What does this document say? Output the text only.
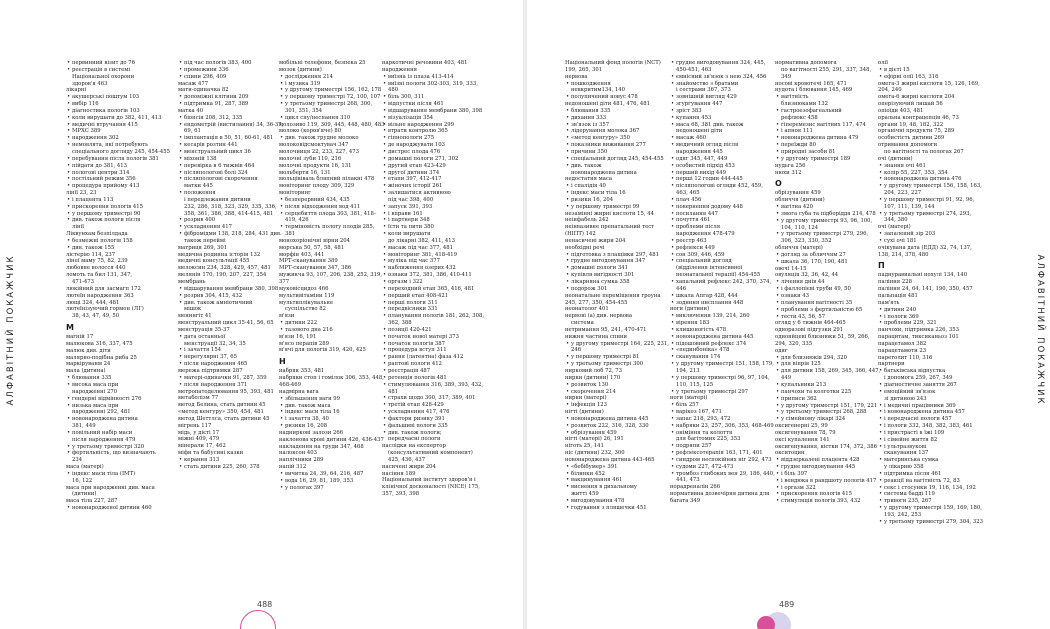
• первинний візит до 76
• реєстрація в системі
Національної охорони
здоров'я 463
лікарні
• акушерські поштум 103
• вибір 116
• діагностика пологів 103
• коли вирушати до 382, 411, 413
• медичні втручання 415
• МРХС 389
• народження 302
• немовлята, які потребують спеціального догляду 245, 454-455
• перебування після пологів 381
• пійдати до 381, 413
• пологові центри 314
• постільний режим 356
• процедура прийому 413
лінії 23, 23
• і плацента 113
• прискорення пологів 415
• у першому триместрі 90
• див. також пологи після
лінії
Ліквунхам безпілдада
• безмежні пологів 158
• див. також 155
лістерію 114, 237
лінеї маму 75, 82, 239
любовне волосся 440
ломоть та бил 131, 347,
471-473
люкійний для засмагп 172
лютеїн народження 363
лющі 324, 444, 481
лютеїнізуючий гормон (ЛГ)
38, 43, 47, 49, 50
М
магній 17
малюкова 316, 337, 475
малюк див. діти
малярно-подібна риба 25
маркіруванм 24
мала (дитина)
• блювання 335
• висока маса при
народженні 270
• гендерні відмінності 276
• низька маса при
народженні 292, 481
• новонароджена дитина
381, 449
• повільний набір маси
після народження 479
• у третьому триместрі 320
• фертильність, що визначають
234
маса (матері)
• індекс маси тіла (ІМТ)
16, 122
маса при народженні див. маса
(дитини)
маса тіла 227, 287
• новонародженої дитини 460
• під час пологів 383, 400
• промежини 336
• спини 296, 409
масаж 477
мати-одиначка 82
• допоміжні клітини 209
• підтримка 91, 287, 389
матка 40
• біопсія 208, 312, 335
• ендометрій (вистилання) 34, 36-37, 69, 61
• імплантація в 50, 51, 60-61, 481
• кесарів розтин 441
• менструальний цикл 36
• міхоній 138
• перевірка в 6 тижнів 464
• післяпологові болі 324
• післяпологові скорочення
матки 445
• положення
і передлежання дитини
232, 286, 318, 323, 329, 335, 336, 358, 361, 386, 388, 414-415, 481
• розрив 400
• ускладнення 417
• фібромідми 138, 218, 284, 431 див. також переймі
матриця 269, 301
медична родинна історія 132
медичні консультації 455
мелоксин 234, 328, 429, 457, 481
мелянін 170, 190, 207, 227, 354
мембрань
• відшарування мембрани 380, 398
• розрив 304, 415, 432
• див. також амніотичний
мішок
менингіт 41
менструальний цикл 35-41, 56, 65
менструація 35-37
• дата останньої
менструації 32, 34, 35
• і зачаття 154
• нерегулярні 37, 65
• після народження 465
мережа підтримки 287
• матері-одиначки 91, 287, 359
• після народження 371
метропатоделювання 95, 393, 481
метаболізм 77
метод Белина, стать дитини 45
«метод кенгуру» 350, 454, 481
метод Шеттлса, стать дитини 45
мігрень 117
мідь, у дієті 17
міжні 409, 479
мінерали 17, 462
міфи та бабусині казки
• керання 313
• стать дитини 225, 260, 378
мобільні телефони, безпека 25
мозок (дитини)
• дослідження 214
• і музика 319
• у другому триместрі 156, 162, 178
• у першому триместрі 72, 100, 107
• у третьому триместрі 268, 300, 301, 351, 354
• цикл сну/неспання 310
молозиво 119, 309, 445, 448, 480, 483
молоко (коров'яче) 80
• див. також грудне молоко
молоковідсмоктувач 347
молочниця 22, 233, 227, 473
молочні зуби 110, 216
молочні продукти 16, 131
мольберти 16, 131
мольцівіваль бляпний пілакні 478
моніторинг плоду 309, 329
моніторинг
• безперервний 434, 435
• після відходження вод 411
• серцебиття плода 303, 381, 418-419, 426
• терміновість пологу плодів 285, 381
монохоріонічні вірни 204
морська 50, 57, 58, 481
морфін 403, 441
МРТ-сканування 389
МРТ-сканування 347, 386
мужикча 93, 107, 206, 238, 252, 319, 377
муковісцидоз 466
мультивітаміни 119
мультиплікувальне
суспільство 82
м'язи
• дитини 222
• тазового дна 216
м'язи 16, 191
м'ясо перапів 289
м'ячі для пологів 319, 420, 425
Н
набряк 353, 481
набряки стоп і гомілок 306, 353, 448, 468-469
надмірна вага
• збільшення ваги 99
• див. також маса
• індекс маси тіла 16
• і зачаття 38, 40
• ризики 16, 208
надниркові залози 266
наклонова крові дитини 426, 436-437
накладення на груди 347, 468
налоксон 403
наплічники 289
напій 312
• вичитка 24, 39, 64, 216, 487
• вода 16, 29, 81, 189, 353
• у пологах 397
наркотичні речовини 403, 481
народження
• виїзна із плаза 413-414
• виїзні пологи 302-303, 319, 333, 480
• біль 300, 311
• відпустки після 461
• відшарування мембрани 380, 398
• візуалізація 354
• вільне народження 299
• втрати контролю 365
• гіпнопологи 275
• де народжувати 103
• дистрес плода 476
• домашні пологи 271, 302
• другий етап 423-429
• другої дитини 374
• етапи 397, 412-417
• жіночих історії 261
• залишатися активною
під час 398, 400
• запуск 391, 393
• і вправи 161
• і партнери 348
• їсти та пити 380
• коли вирушати
до лікарні 382, 411, 413
• масаж під час 377, 481
• моніторинг 381, 418-419
• муліка під час 377
• наближення озерих 432
• ознаки 372, 381, 386, 410-411
• оргазм і 322
• переходний етап 365, 416, 481
• перший етап 408-421
• перші пологи 311
• передвісники 331
• планування пологів 181, 262, 308, 362, 388
• позиції 420-421
• початок нової матері 373
• початок пологів 387
• процедура вступ 311
• рання (латентна) фаза 412
• раптові пологи 412
• реєстрація 487
• ретенція пологів 481
• стимулювання 316, 389, 393, 432, 481
• страхи щодо 300, 317, 389, 401
• третій етап 428-429
• ускладнення 417, 476
• фактори ризику 391
• фальшиві пологи 335
• див. також пологи;
передчасні пологи
наслідки на експертор
(консультативний компонент)
425, 436, 437
насичені жири 204
насіння 189
Національний інститут здоров'я і клінічної досконалості (NICE) 175, 357, 393, 398
488
АЛФАВІТНИЙ ПОКАЖЧИК
Національний фонд пологів (NCT) 199, 265, 301
нервова
• пошкодження
невкритим134, 140
• полупичений новус 478
недоношені діти 481, 476, 481
• блювання 335
• дихання 333
• зв'язок із 357
• лідерування молока 367
• «метод кенгуру» 350
• показники виживання 277
• причини 350
• спеціальний догляд 245, 454-455
• див. також
новонароджена дитина
недостатня маса
• і спалідія 40
• індекс маси тіла 16
• ризики 16, 204
• у першому триместрі 99
незамінні жирні кислоти 15, 44
неінфабель 242
неінвазивне пренатальний тест (НІПТ) 142
ненасичені жири 204
необхідні речі
• підготовка з плащівки 297, 481
• грудне вигодовування 347
• домашні пологи 341
• купівля вигідності 301
• лікарняна сумка 358
• подорож 301
неонатальне переміщення гроуна 245, 277, 350, 454-455
неонатолог 401
нервові (а) див. нервова
система
нетримання 95, 241, 470-471
нижня частина спини
• у другому триместрі 164, 225, 231, 246
• у першому триместрі 81
• у третьому триместрі 300
нирковий лоб 72, 73
нирки (дитини) 170
• розвиток 130
• скорочення 214
нирки (матері)
• інфекція 123
нігті (дитини)
• новонароджена дитина 445
• розвиток 222, 316, 328, 330
• обрізування 459
нігті (матері) 26, 191
ніготь 25, 141
ніс (дитини) 232, 300
новонароджена дитина 443-465
• «бебібумер» 391
• білинки 452
• вакцинування 461
• виснення в дихальному
житті 459
• вигодовування 478
• годування з пляшечки 451
• грудне вигодовування 324, 445, 450-451, 463
• ємнісний зв'язок з нею 324, 456
• знайомство з братами
і сестрами 367, 373
• зовнішній вигляд 429
• згургування 447
• зріст 383
• купання 453
• маса 68, 381 див. також
недоношені діти
• масаж 460
• медичний огляд після
народження 445
• одяг 345, 447, 449
• особистий підхід 453
• перший вихід 449
• перші 12 годин 444-445
• післяпологові огляди 452, 459, 463, 465
• плач 456
• повернення додому 448
• посилання 447
• почуття 461
• проблеми після
народження 478-479
• реєстр 463
• рефлекси 449
• сон 309, 446, 459
• спеціальний догляд
(відділення інтенсивної
неонатальної терапії) 454-455
• хапальний рефлекс 242, 370, 374, 446
• шкала Апгар 428, 444
• зоднння нисплання 448
ноги (дитини)
• виключення 139, 214, 260
• вірення 183
• клишоногість 478
• новонароджена дитина 445
• підошовний рефлекс 374
• «пединбоніка» 478
• сканування 174
• у другому триместрі 151, 158, 179, 194, 213
• у першому триместрі 96, 97, 104, 110, 115, 125
• у третьому триместрі 297
ноги (матері)
• біль 257
• варікоз 167, 471
• запас 218, 293, 472
• набряки 23, 257, 306, 353, 468-469
• оніміння та колоття
для багітомих 225, 353
• подряпи 257
• рефлексотерапія 163, 171, 401
• синдром неспокійних ніг 292, 473
• судоми 227, 472-473
• тромбоз глибоких вен 29, 186, 440, 441, 473
норадреналін 266
нормативна дозвечірня дитина для багата 349
нормативна допомога
по вагітності 255, 291, 337, 348, 349
носові кровотечі 165, 471
нудота і блювання 145, 469
• вагітність
близнюками 132
• гастроезофагеальний
рефлюкс 458
• гіперемезис вагітних 117, 474
• і апноя 111
• новонароджена дитина 479
• переїжди 80
• природні засоби 81
• у другому триместрі 189
нудьга 256
нюхи 312
О
обрізування 459
обличчя (дитини)
• вагітна 420
• змога суба та підборіддя 214, 478
• у другому триместрі 93, 96, 100, 104, 110, 124
• у третьому триместрі 279, 296, 306, 323, 330, 352
обличчя (матері)
• догляд за обличчям 27
• шкала 36, 170, 190, 481
овечі 14-15
овуляція 32, 36, 42, 44
• лічення днів 44
• і фаллопієві труби 49, 50
• ознаки 43
• планування вагітності 35
• проблеми з фертильністю 65
• тести 43, 56, 57
огляд у 6 тижнів 464-465
одноразові підгузки 291
однояйцеві близнюки 51, 59, 266, 294, 320, 335
одяг
• для близнюків 294, 320
• для віпрів 125
• для дитини 158, 269, 345, 366, 447, 449
• купальники 213
• панчохи та колготки 225
• приписи 362
• у другому триместрі 151, 179, 221
• у третьому триместрі 268, 288
• у сімейному лікарі 324
оксигенерні 25, 99
оксигенування 78, 79
оксі купалення 141
оксигенування, кістки 174, 372, 386
окситоцин
• віддзеркалені плацента 428
• грудне вигодовування 445
• і біль 397
• і вендюка в рандшоту пологів 417
• і оргазм 322
• прискорення пологів 415
• стимуляція пологів 393, 432
олії
• в дієті 15
• ефірні олії 163, 316
омега-3 жирні кислоти 15, 126, 169, 204, 240
омега-6 жирні кислоти 204
оперізуючий лишай 56
опіоїди 403, 481
оральна контрацепція 46, 73
органи 19, 48, 182, 322
органічні продукти 75, 289
особистість дитини 269
отримання допомоги
по вагітності та пологах 267
очі (дитини)
• знання очі 461
• колір 55, 227, 353, 354
• новонароджена дитина 476
• у другому триместрі 156, 158, 163, 204, 223, 227
• у першому триместрі 91, 92, 96, 107, 111, 139, 144
• у третьому триместрі 274, 293, 344, 380
очі (матері)
• запалений зір 203
• сухі очі 181
очікувана дата (ЕДД) 32, 74, 137, 138, 214, 378, 480
П
паднуравиальні нохулі 134, 140
паління 228
паління 24, 64, 141, 190, 350, 457
пальпація 481
пам'ять
• дитини 240
• і пологи 369
• проблеми 229, 321
панчохи, підтримка 226, 353
парацитам, тиксиканьоз 101
парацетамол 382
парацетамоти 23
паретолит 110, 316
партнери
• батьківська відпустка
і допомога 259, 267, 349
• діагностичне заняття 267
• емоційний зв'язок
зі дитиною 243
• і медичні працівники 369
• і новонароджена дитина 457
• і передчасні пологи 457
• і пологи 332, 348, 382, 383, 461
• і пристрасті в їжі 109
• і сімейне життя 82
• і ультразвукові
сканування 137
• материнська сумка
у лікарню 358
• підтримка після 461
• реакції на вагітність 72, 83
• секс і стосунки 19, 116, 134, 192
• система бадді 119
• тривоги 235, 267
• у другому триместрі 159, 169, 180, 193, 242, 253
• у третьому триместрі 279, 304, 323
489
АЛФАВІТНИЙ ПОКАЖЧИК
